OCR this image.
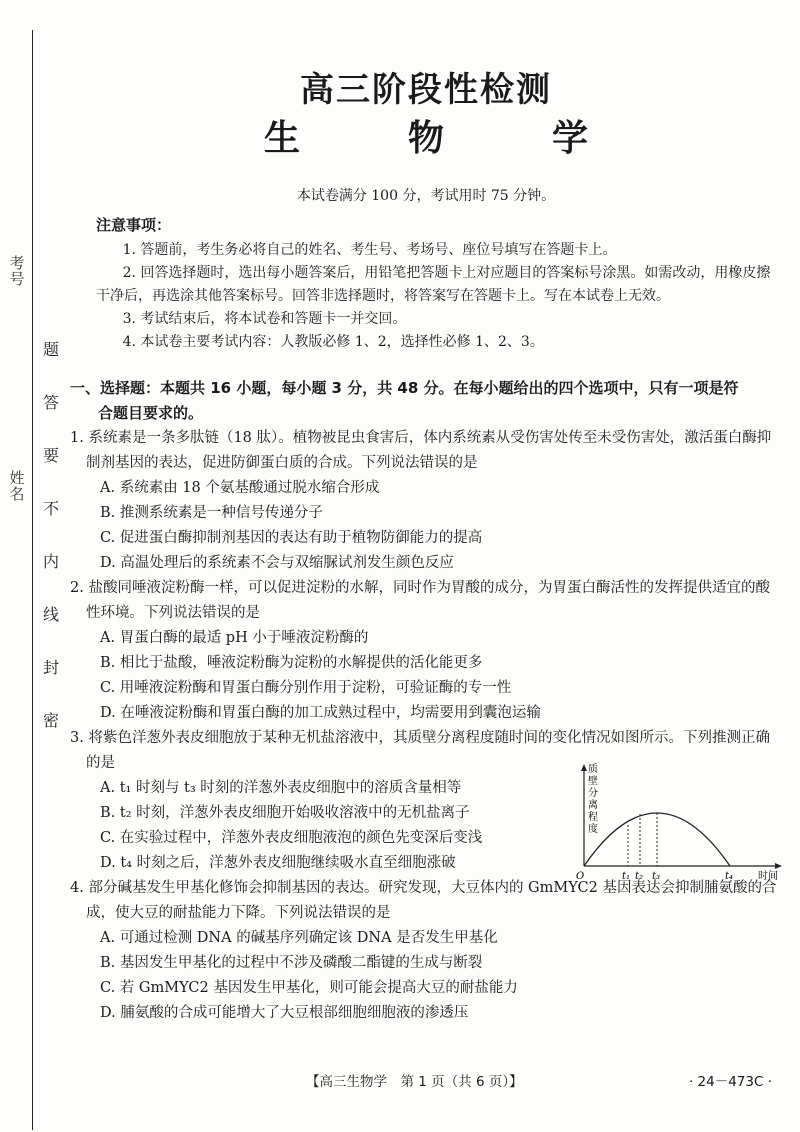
考号
姓名
题
答
要
不
内
线
封
密
高三阶段性检测
生　物　学
本试卷满分 100 分，考试用时 75 分钟。
注意事项：

1. 答题前，考生务必将自己的姓名、考生号、考场号、座位号填写在答题卡上。

2. 回答选择题时，选出每小题答案后，用铅笔把答题卡上对应题目的答案标号涂黑。如需改动，用橡皮擦干净后，再选涂其他答案标号。回答非选择题时，将答案写在答题卡上。写在本试卷上无效。

3. 考试结束后，将本试卷和答题卡一并交回。

4. 本试卷主要考试内容：人教版必修 1、2，选择性必修 1、2、3。

一、选择题：本题共 16 小题，每小题 3 分，共 48 分。在每小题给出的四个选项中，只有一项是符
合题目要求的。
1. 系统素是一条多肽链（18 肽）。植物被昆虫食害后，体内系统素从受伤害处传至未受伤害处，激活蛋白酶抑制剂基因的表达，促进防御蛋白质的合成。下列说法错误的是
A. 系统素由 18 个氨基酸通过脱水缩合形成
B. 推测系统素是一种信号传递分子
C. 促进蛋白酶抑制剂基因的表达有助于植物防御能力的提高
D. 高温处理后的系统素不会与双缩脲试剂发生颜色反应
2. 盐酸同唾液淀粉酶一样，可以促进淀粉的水解，同时作为胃酸的成分，为胃蛋白酶活性的发挥提供适宜的酸性环境。下列说法错误的是
A. 胃蛋白酶的最适 pH 小于唾液淀粉酶的
B. 相比于盐酸，唾液淀粉酶为淀粉的水解提供的活化能更多
C. 用唾液淀粉酶和胃蛋白酶分别作用于淀粉，可验证酶的专一性
D. 在唾液淀粉酶和胃蛋白酶的加工成熟过程中，均需要用到囊泡运输
3. 将紫色洋葱外表皮细胞放于某种无机盐溶液中，其质壁分离程度随时间的变化情况如图所示。下列推测正确的是
A. t₁ 时刻与 t₃ 时刻的洋葱外表皮细胞中的溶质含量相等
B. t₂ 时刻，洋葱外表皮细胞开始吸收溶液中的无机盐离子
C. 在实验过程中，洋葱外表皮细胞液泡的颜色先变深后变浅
D. t₄ 时刻之后，洋葱外表皮细胞继续吸水直至细胞涨破
质
壁
分
离
程
度
O	t₁ t₂ t₃	t₄ 时间
4. 部分碱基发生甲基化修饰会抑制基因的表达。研究发现，大豆体内的 GmMYC2 基因表达会抑制脯氨酸的合成，使大豆的耐盐能力下降。下列说法错误的是
A. 可通过检测 DNA 的碱基序列确定该 DNA 是否发生甲基化
B. 基因发生甲基化的过程中不涉及磷酸二酯键的生成与断裂
C. 若 GmMYC2 基因发生甲基化，则可能会提高大豆的耐盐能力
D. 脯氨酸的合成可能增大了大豆根部细胞细胞液的渗透压
【高三生物学　第 1 页（共 6 页）】	· 24－473C ·
